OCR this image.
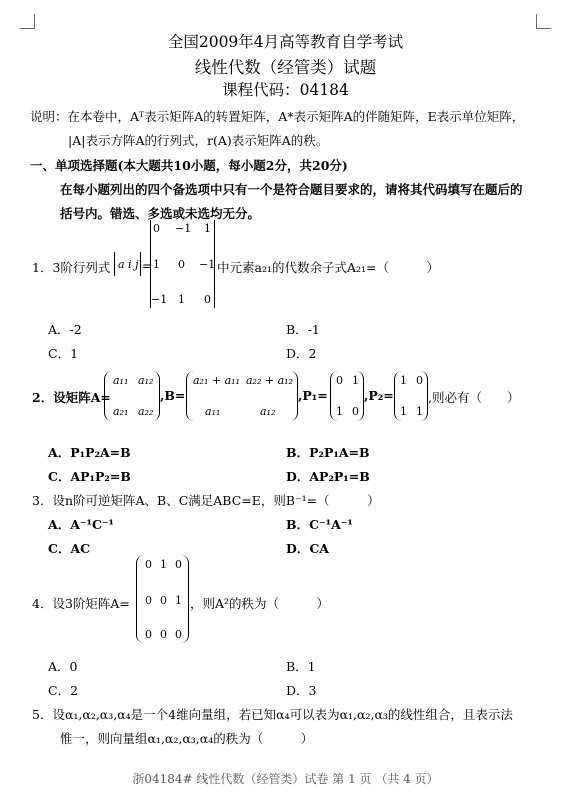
全国2009年4月高等教育自学考试
线性代数（经管类）试题
课程代码：04184
说明：在本卷中，Aᵀ表示矩阵A的转置矩阵，A*表示矩阵A的伴随矩阵，E表示单位矩阵，
|A|表示方阵A的行列式，r(A)表示矩阵A的秩。
一、单项选择题(本大题共10小题，每小题2分，共20分)
在每小题列出的四个备选项中只有一个是符合题目要求的，请将其代码填写在题后的
括号内。错选、多选或未选均无分。
1．3阶行列式 a i j =
0 −1 1
1 0 −1
−1 1 0
中元素a₂₁的代数余子式A₂₁=（　　　）
A．-2	B．-1
C．1	D．2
2．设矩阵A=
a₁₁ a₁₂
a₂₁ a₂₂
,B=
a₂₁ + a₁₁ a₂₂ + a₁₂
a₁₁	a₁₂
,P₁=
0 1
1 0
,P₂=
1 0
1 1
,则必有（　　）
A．P₁P₂A=B	B．P₂P₁A=B
C．AP₁P₂=B	D．AP₂P₁=B
3．设n阶可逆矩阵A、B、C满足ABC=E，则B⁻¹=（　　　）
A．A⁻¹C⁻¹	B．C⁻¹A⁻¹
C．AC	D．CA
4．设3阶矩阵A=
0 1 0
0 0 1
0 0 0
，则A²的秩为（　　　）
A．0	B．1
C．2	D．3
5．设α₁,α₂,α₃,α₄是一个4维向量组，若已知α₄可以表为α₁,α₂,α₃的线性组合，且表示法
惟一，则向量组α₁,α₂,α₃,α₄的秩为（　　　）
浙04184# 线性代数（经管类）试卷 第 1 页 （共 4 页）
